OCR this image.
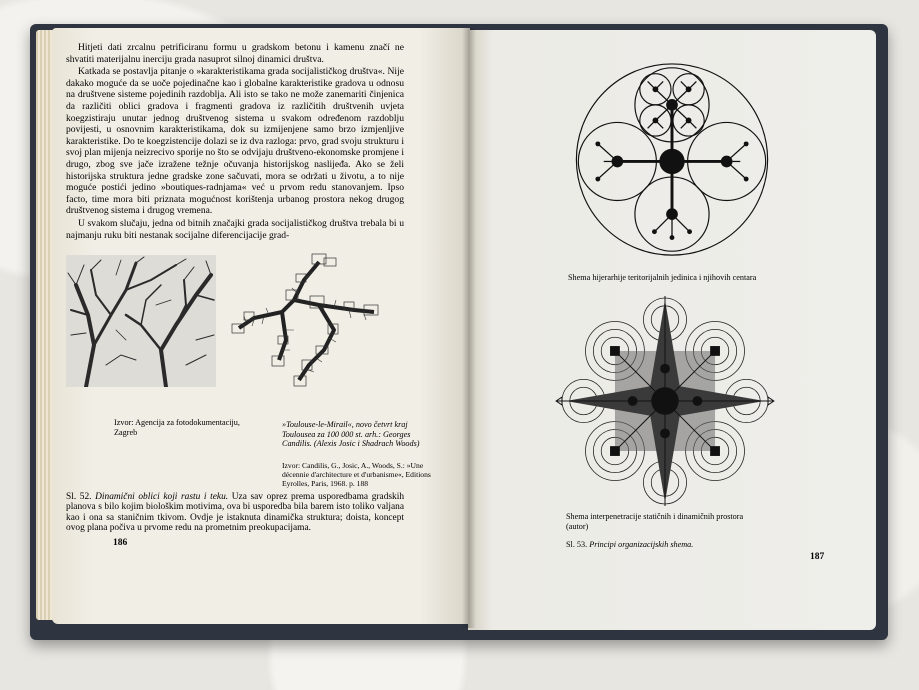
Hitjeti dati zrcalnu petrificiranu formu u gradskom betonu i kamenu značí ne shvatiti materijalnu inerciju grada nasuprot silnoj dinamici društva.

Katkada se postavlja pitanje o »karakteristikama grada socijalističkog društva«. Nije dakako moguće da se uoče pojedinačne kao i globalne karakteristike gradova u odnosu na društvene sisteme pojedinih razdoblja. Ali isto se tako ne može zanemariti činjenica da različiti oblici gradova i fragmenti gradova iz različitih društvenih uvjeta koegzistiraju unutar jednog društvenog sistema u svakom određenom razdoblju povijesti, u osnovnim karakteristikama, dok su izmijenjene samo brzo izmjenljive karakteristike. Do te koegzistencije dolazi se iz dva razloga: prvo, grad svoju strukturu i svoj plan mijenja neizrecivo sporije no što se odvijaju društveno-ekonomske promjene i drugo, zbog sve jače izražene težnje očuvanja historijskog naslijeđa. Ako se želi historijska struktura jedne gradske zone sačuvati, mora se održati u životu, a to nije moguće postići jedino »boutiques-radnjama« već u prvom redu stanovanjem. Ipso facto, time mora biti priznata mogućnost korištenja urbanog prostora nekog drugog društvenog sistema i drugog vremena.

U svakom slučaju, jedna od bitnih značajki grada socijalističkog društva trebala bi u najmanju ruku biti nestanak socijalne diferencijacije grad-

Izvor: Agencija za fotodokumentaciju, Zagreb
»Toulouse-le-Mirail«, novo četvrt kraj Toulousea za 100 000 st. arh.: Georges Candilis. (Alexis Josic i Shadrach Woods)
Izvor: Candilis, G., Josic, A., Woods, S.: »Une décennie d'architecture et d'urbanisme«, Editions Eyrolles, Paris, 1968. p. 188
Sl. 52. Dinamični oblici koji rastu i teku. Uza sav oprez prema usporedbama gradskih planova s bilo kojim biološkim motivima, ova bi usporedba bila barem isto toliko valjana kao i ona sa staničnim tkivom. Ovdje je istaknuta dinamička struktura; doista, koncept ovog plana počiva u prvome redu na prometnim preokupacijama.
186
Shema hijerarhije teritorijalnih jedinica i njihovih centara
Shema interpenetracije statičnih i dinamičnih prostora (autor)
Sl. 53. Principi organizacijskih shema.
187
